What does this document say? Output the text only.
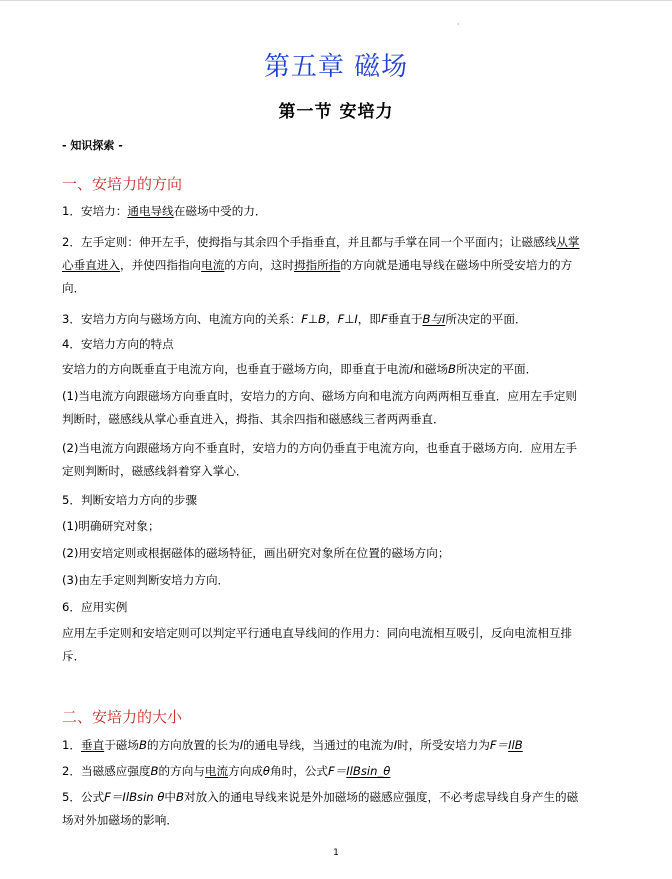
·
第五章 磁场
第一节 安培力
- 知识探索 -
一、安培力的方向
1．安培力：通电导线在磁场中受的力．
2．左手定则：伸开左手，使拇指与其余四个手指垂直，并且都与手掌在同一个平面内；让磁感线从掌
心垂直进入，并使四指指向电流的方向，这时拇指所指的方向就是通电导线在磁场中所受安培力的方
向．
3．安培力方向与磁场方向、电流方向的关系：F⊥B，F⊥I，即F垂直于B与I所决定的平面．
4．安培力方向的特点
安培力的方向既垂直于电流方向，也垂直于磁场方向，即垂直于电流I和磁场B所决定的平面．
(1)当电流方向跟磁场方向垂直时，安培力的方向、磁场方向和电流方向两两相互垂直．应用左手定则
判断时，磁感线从掌心垂直进入，拇指、其余四指和磁感线三者两两垂直．
(2)当电流方向跟磁场方向不垂直时，安培力的方向仍垂直于电流方向，也垂直于磁场方向．应用左手
定则判断时，磁感线斜着穿入掌心．
5．判断安培力方向的步骤
(1)明确研究对象；
(2)用安培定则或根据磁体的磁场特征，画出研究对象所在位置的磁场方向；
(3)由左手定则判断安培力方向．
6．应用实例
应用左手定则和安培定则可以判定平行通电直导线间的作用力：同向电流相互吸引，反向电流相互排
斥．
二、安培力的大小
1．垂直于磁场B的方向放置的长为l的通电导线，当通过的电流为I时，所受安培力为F＝IlB
2．当磁感应强度B的方向与电流方向成θ角时，公式F＝IlBsin_θ
5．公式F＝IlBsin θ中B对放入的通电导线来说是外加磁场的磁感应强度，不必考虑导线自身产生的磁
场对外加磁场的影响．
1
